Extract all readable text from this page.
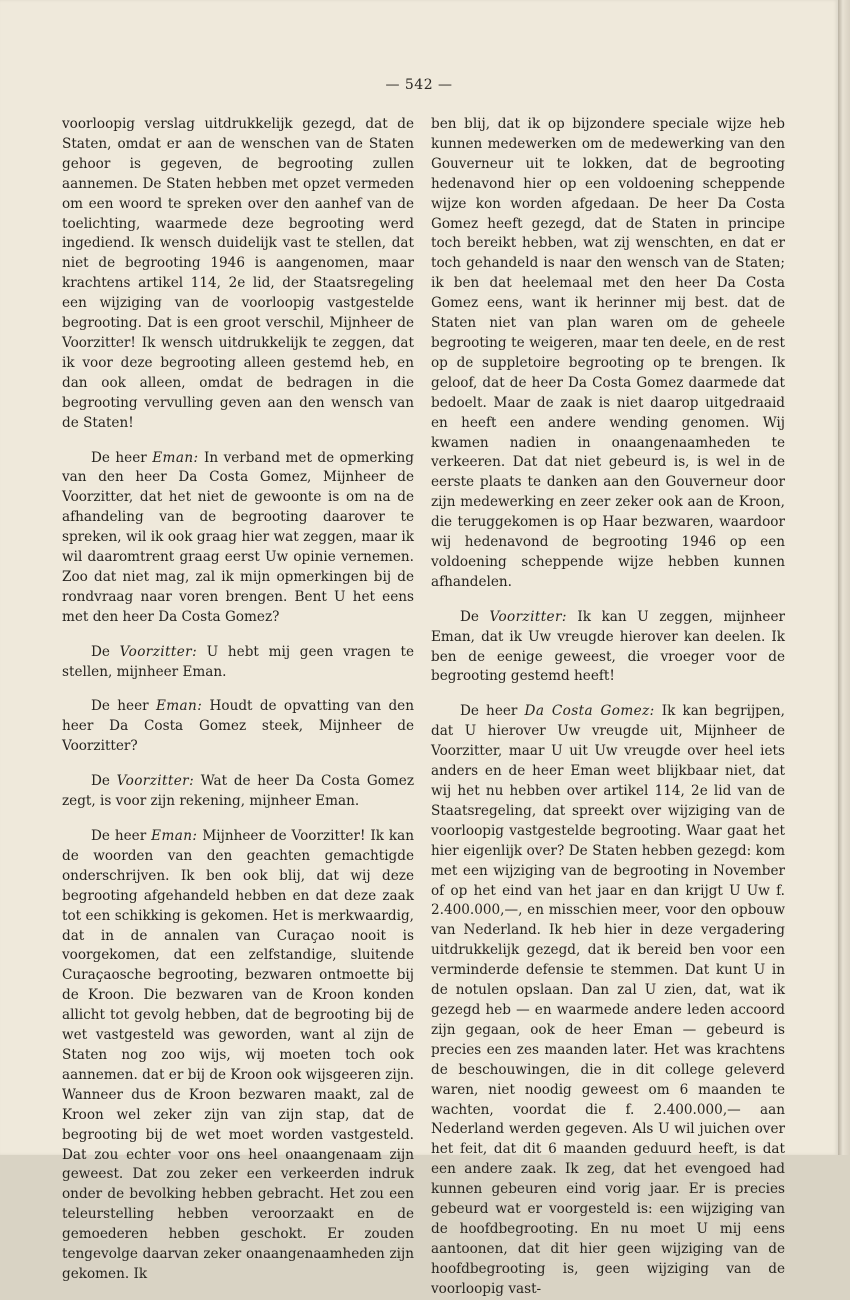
— 542 —

voorloopig verslag uitdrukkelijk gezegd, dat de Staten, omdat er aan de wenschen van de Staten gehoor is gegeven, de begrooting zullen aannemen. De Staten hebben met opzet vermeden om een woord te spreken over den aanhef van de toelichting, waarmede deze begrooting werd ingediend. Ik wensch duidelijk vast te stellen, dat niet de begrooting 1946 is aangenomen, maar krachtens artikel 114, 2e lid, der Staatsregeling een wijziging van de voorloopig vastgestelde begrooting. Dat is een groot verschil, Mijnheer de Voorzitter! Ik wensch uitdrukkelijk te zeggen, dat ik voor deze begrooting alleen gestemd heb, en dan ook alleen, omdat de bedragen in die begrooting vervulling geven aan den wensch van de Staten!

De heer Eman: In verband met de opmerking van den heer Da Costa Gomez, Mijnheer de Voorzitter, dat het niet de gewoonte is om na de afhandeling van de begrooting daarover te spreken, wil ik ook graag hier wat zeggen, maar ik wil daaromtrent graag eerst Uw opinie vernemen. Zoo dat niet mag, zal ik mijn opmerkingen bij de rondvraag naar voren brengen. Bent U het eens met den heer Da Costa Gomez?

De Voorzitter: U hebt mij geen vragen te stellen, mijnheer Eman.

De heer Eman: Houdt de opvatting van den heer Da Costa Gomez steek, Mijnheer de Voorzitter?

De Voorzitter: Wat de heer Da Costa Gomez zegt, is voor zijn rekening, mijnheer Eman.

De heer Eman: Mijnheer de Voorzitter! Ik kan de woorden van den geachten gemachtigde onderschrijven. Ik ben ook blij, dat wij deze begrooting afgehandeld hebben en dat deze zaak tot een schikking is gekomen. Het is merkwaardig, dat in de annalen van Curaçao nooit is voorgekomen, dat een zelfstandige, sluitende Curaçaosche begrooting, bezwaren ontmoette bij de Kroon. Die bezwaren van de Kroon konden allicht tot gevolg hebben, dat de begrooting bij de wet vastgesteld was geworden, want al zijn de Staten nog zoo wijs, wij moeten toch ook aannemen. dat er bij de Kroon ook wijsgeeren zijn. Wanneer dus de Kroon bezwaren maakt, zal de Kroon wel zeker zijn van zijn stap, dat de begrooting bij de wet moet worden vastgesteld. Dat zou echter voor ons heel onaangenaam zijn geweest. Dat zou zeker een verkeerden indruk onder de bevolking hebben gebracht. Het zou een teleurstelling hebben veroorzaakt en de gemoederen hebben geschokt. Er zouden tengevolge daarvan zeker onaangenaamheden zijn gekomen. Ik

ben blij, dat ik op bijzondere speciale wijze heb kunnen medewerken om de medewerking van den Gouverneur uit te lokken, dat de begrooting hedenavond hier op een voldoening scheppende wijze kon worden afgedaan. De heer Da Costa Gomez heeft gezegd, dat de Staten in principe toch bereikt hebben, wat zij wenschten, en dat er toch gehandeld is naar den wensch van de Staten; ik ben dat heelemaal met den heer Da Costa Gomez eens, want ik herinner mij best. dat de Staten niet van plan waren om de geheele begrooting te weigeren, maar ten deele, en de rest op de suppletoire begrooting op te brengen. Ik geloof, dat de heer Da Costa Gomez daarmede dat bedoelt. Maar de zaak is niet daarop uitgedraaid en heeft een andere wending genomen. Wij kwamen nadien in onaangenaamheden te verkeeren. Dat dat niet gebeurd is, is wel in de eerste plaats te danken aan den Gouverneur door zijn medewerking en zeer zeker ook aan de Kroon, die teruggekomen is op Haar bezwaren, waardoor wij hedenavond de begrooting 1946 op een voldoening scheppende wijze hebben kunnen afhandelen.

De Voorzitter: Ik kan U zeggen, mijnheer Eman, dat ik Uw vreugde hierover kan deelen. Ik ben de eenige geweest, die vroeger voor de begrooting gestemd heeft!

De heer Da Costa Gomez: Ik kan begrijpen, dat U hierover Uw vreugde uit, Mijnheer de Voorzitter, maar U uit Uw vreugde over heel iets anders en de heer Eman weet blijkbaar niet, dat wij het nu hebben over artikel 114, 2e lid van de Staatsregeling, dat spreekt over wijziging van de voorloopig vastgestelde begrooting. Waar gaat het hier eigenlijk over? De Staten hebben gezegd: kom met een wijziging van de begrooting in November of op het eind van het jaar en dan krijgt U Uw f. 2.400.000,—, en misschien meer, voor den opbouw van Nederland. Ik heb hier in deze vergadering uitdrukkelijk gezegd, dat ik bereid ben voor een verminderde defensie te stemmen. Dat kunt U in de notulen opslaan. Dan zal U zien, dat, wat ik gezegd heb — en waarmede andere leden accoord zijn gegaan, ook de heer Eman — gebeurd is precies een zes maanden later. Het was krachtens de beschouwingen, die in dit college geleverd waren, niet noodig geweest om 6 maanden te wachten, voordat die f. 2.400.000,— aan Nederland werden gegeven. Als U wil juichen over het feit, dat dit 6 maanden geduurd heeft, is dat een andere zaak. Ik zeg, dat het evengoed had kunnen gebeuren eind vorig jaar. Er is precies gebeurd wat er voorgesteld is: een wijziging van de hoofdbegrooting. En nu moet U mij eens aantoonen, dat dit hier geen wijziging van de hoofdbegrooting is, geen wijziging van de voorloopig vast-
